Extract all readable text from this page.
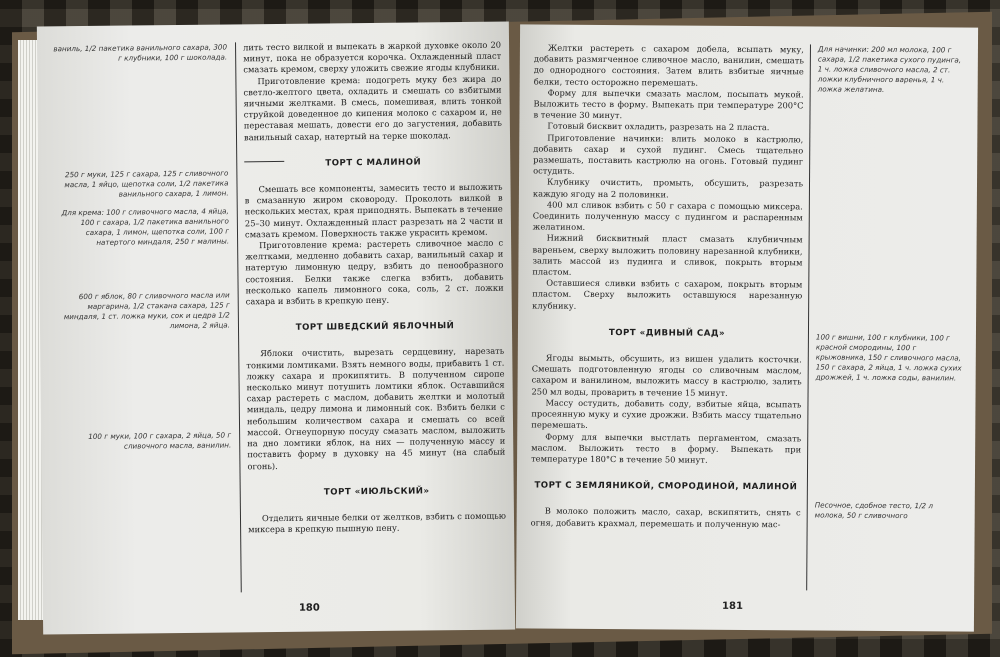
ваниль, 1/2 пакетика ванильного сахара, 300 г клубники, 100 г шоколада.

250 г муки, 125 г сахара, 125 г сливочного масла, 1 яйцо, щепотка соли, 1/2 пакетика ванильного сахара, 1 лимон.

Для крема: 100 г сливочного масла, 4 яйца, 100 г сахара, 1/2 пакетика ванильного сахара, 1 лимон, щепотка соли, 100 г натертого миндаля, 250 г малины.

600 г яблок, 80 г сливочного масла или маргарина, 1/2 стакана сахара, 125 г миндаля, 1 ст. ложка муки, сок и цедра 1/2 лимона, 2 яйца.

100 г муки, 100 г сахара, 2 яйца, 50 г сливочного масла, ванилин.

лить тесто вилкой и выпекать в жаркой духовке около 20 минут, пока не образуется корочка. Охлажденный пласт смазать кремом, сверху уложить свежие ягоды клубники.

Приготовление крема: подогреть муку без жира до светло-желтого цвета, охладить и смешать со взбитыми яичными желтками. В смесь, помешивая, влить тонкой струйкой доведенное до кипения молоко с сахаром и, не переставая мешать, довести его до загустения, добавить ванильный сахар, натертый на терке шоколад.

ТОРТ С МАЛИНОЙ

Смешать все компоненты, замесить тесто и выложить в смазанную жиром сковороду. Проколоть вилкой в нескольких местах, края приподнять. Выпекать в течение 25–30 минут. Охлажденный пласт разрезать на 2 части и смазать кремом. Поверхность также украсить кремом.

Приготовление крема: растереть сливочное масло с желтками, медленно добавить сахар, ванильный сахар и натертую лимонную цедру, взбить до пенообразного состояния. Белки также слегка взбить, добавить несколько капель лимонного сока, соль, 2 ст. ложки сахара и взбить в крепкую пену.

ТОРТ ШВЕДСКИЙ ЯБЛОЧНЫЙ

Яблоки очистить, вырезать сердцевину, нарезать тонкими ломтиками. Взять немного воды, прибавить 1 ст. ложку сахара и прокипятить. В полученном сиропе несколько минут потушить ломтики яблок. Оставшийся сахар растереть с маслом, добавить желтки и молотый миндаль, цедру лимона и лимонный сок. Взбить белки с небольшим количеством сахара и смешать со всей массой. Огнеупорную посуду смазать маслом, выложить на дно ломтики яблок, на них — полученную массу и поставить форму в духовку на 45 минут (на слабый огонь).

ТОРТ «ИЮЛЬСКИЙ»

Отделить яичные белки от желтков, взбить с помощью миксера в крепкую пышную пену.

180

Желтки растереть с сахаром добела, всыпать муку, добавить размягченное сливочное масло, ванилин, смешать до однородного состояния. Затем влить взбитые яичные белки, тесто осторожно перемешать.

Форму для выпечки смазать маслом, посыпать мукой. Выложить тесто в форму. Выпекать при температуре 200°С в течение 30 минут.

Готовый бисквит охладить, разрезать на 2 пласта.

Приготовление начинки: влить молоко в кастрюлю, добавить сахар и сухой пудинг. Смесь тщательно размешать, поставить кастрюлю на огонь. Готовый пудинг остудить.

Клубнику очистить, промыть, обсушить, разрезать каждую ягоду на 2 половинки.

400 мл сливок взбить с 50 г сахара с помощью миксера. Соединить полученную массу с пудингом и распаренным желатином.

Нижний бисквитный пласт смазать клубничным вареньем, сверху выложить половину нарезанной клубники, залить массой из пудинга и сливок, покрыть вторым пластом.

Оставшиеся сливки взбить с сахаром, покрыть вторым пластом. Сверху выложить оставшуюся нарезанную клубнику.

ТОРТ «ДИВНЫЙ САД»

Ягоды вымыть, обсушить, из вишен удалить косточки. Смешать подготовленную ягоды со сливочным маслом, сахаром и ванилином, выложить массу в кастрюлю, залить 250 мл воды, проварить в течение 15 минут.

Массу остудить, добавить соду, взбитые яйца, всыпать просеянную муку и сухие дрожжи. Взбить массу тщательно перемешать.

Форму для выпечки выстлать пергаментом, смазать маслом. Выложить тесто в форму. Выпекать при температуре 180°С в течение 50 минут.

ТОРТ С ЗЕМЛЯНИКОЙ, СМОРОДИНОЙ, МАЛИНОЙ

В молоко положить масло, сахар, вскипятить, снять с огня, добавить крахмал, перемешать и полученную мас-

Для начинки: 200 мл молока, 100 г сахара, 1/2 пакетика сухого пудинга, 1 ч. ложка сливочного масла, 2 ст. ложки клубничного варенья, 1 ч. ложка желатина.

100 г вишни, 100 г клубники, 100 г красной смородины, 100 г крыжовника, 150 г сливочного масла, 150 г сахара, 2 яйца, 1 ч. ложка сухих дрожжей, 1 ч. ложка соды, ванилин.

Песочное, сдобное тесто, 1/2 л молока, 50 г сливочного

181
